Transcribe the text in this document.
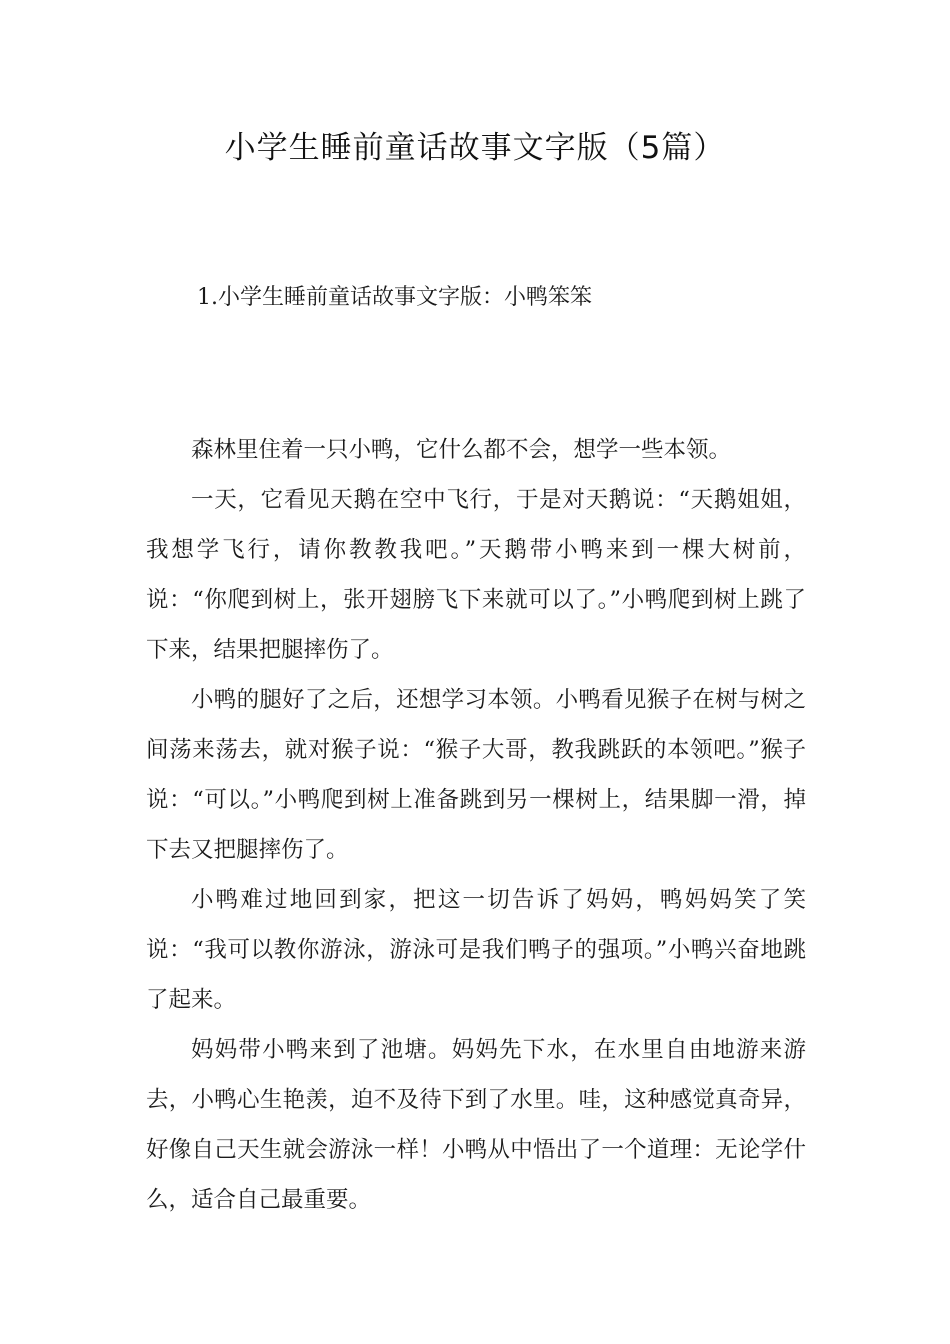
小学生睡前童话故事文字版（5篇）
1.小学生睡前童话故事文字版：小鸭笨笨

森林里住着一只小鸭，它什么都不会，想学一些本领。

一天，它看见天鹅在空中飞行，于是对天鹅说：“天鹅姐姐，我想学飞行，请你教教我吧。”天鹅带小鸭来到一棵大树前，说：“你爬到树上，张开翅膀飞下来就可以了。”小鸭爬到树上跳了下来，结果把腿摔伤了。

小鸭的腿好了之后，还想学习本领。小鸭看见猴子在树与树之间荡来荡去，就对猴子说：“猴子大哥，教我跳跃的本领吧。”猴子说：“可以。”小鸭爬到树上准备跳到另一棵树上，结果脚一滑，掉下去又把腿摔伤了。

小鸭难过地回到家，把这一切告诉了妈妈，鸭妈妈笑了笑说：“我可以教你游泳，游泳可是我们鸭子的强项。”小鸭兴奋地跳了起来。

妈妈带小鸭来到了池塘。妈妈先下水，在水里自由地游来游去，小鸭心生艳羡，迫不及待下到了水里。哇，这种感觉真奇异，好像自己天生就会游泳一样！小鸭从中悟出了一个道理：无论学什么，适合自己最重要。
